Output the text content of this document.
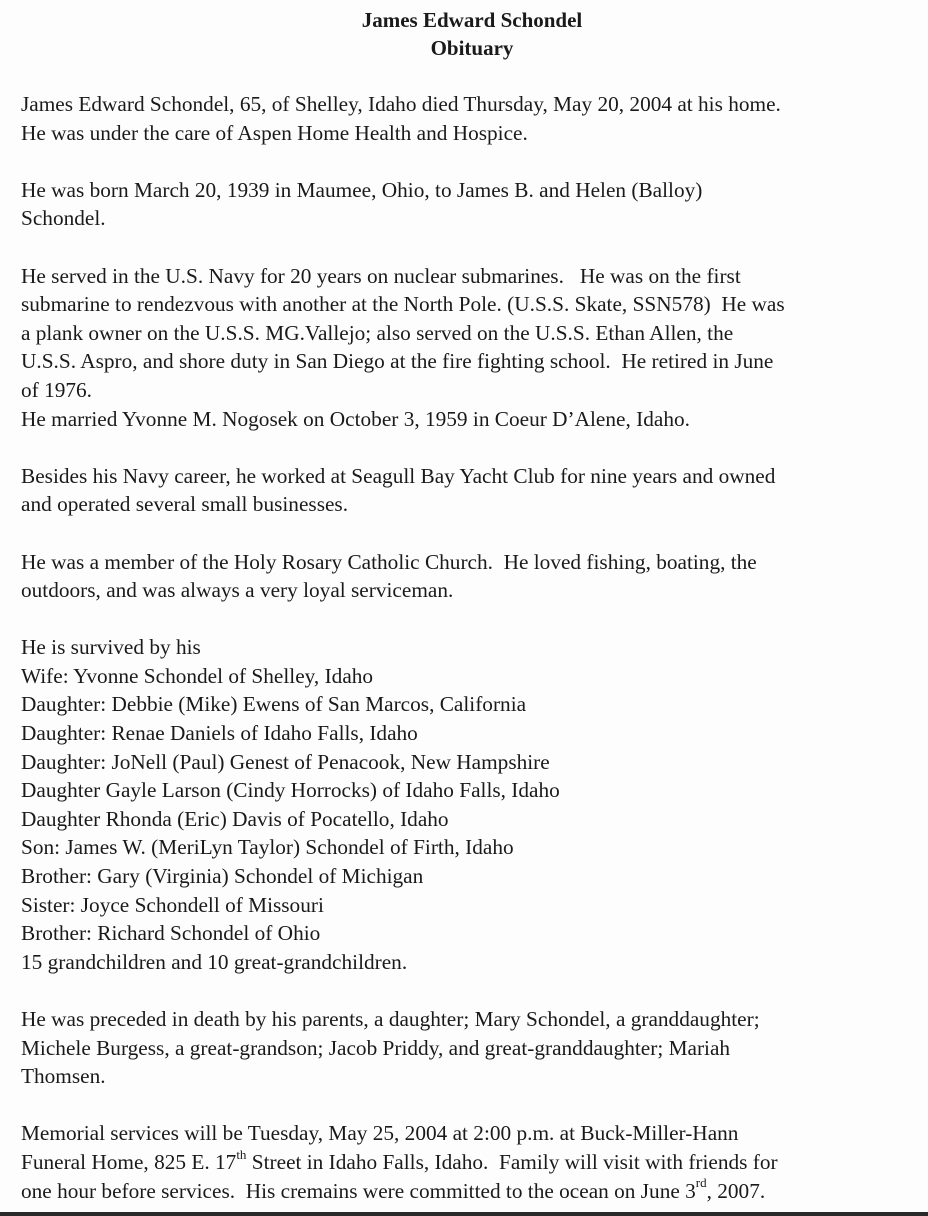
James Edward Schondel
Obituary
James Edward Schondel, 65, of Shelley, Idaho died Thursday, May 20, 2004 at his home.
He was under the care of Aspen Home Health and Hospice.
He was born March 20, 1939 in Maumee, Ohio, to James B. and Helen (Balloy)
Schondel.
He served in the U.S. Navy for 20 years on nuclear submarines.   He was on the first
submarine to rendezvous with another at the North Pole. (U.S.S. Skate, SSN578)  He was
a plank owner on the U.S.S. MG.Vallejo; also served on the U.S.S. Ethan Allen, the
U.S.S. Aspro, and shore duty in San Diego at the fire fighting school.  He retired in June
of 1976.
He married Yvonne M. Nogosek on October 3, 1959 in Coeur D’Alene, Idaho.
Besides his Navy career, he worked at Seagull Bay Yacht Club for nine years and owned
and operated several small businesses.
He was a member of the Holy Rosary Catholic Church.  He loved fishing, boating, the
outdoors, and was always a very loyal serviceman.
He is survived by his
Wife: Yvonne Schondel of Shelley, Idaho
Daughter: Debbie (Mike) Ewens of San Marcos, California
Daughter: Renae Daniels of Idaho Falls, Idaho
Daughter: JoNell (Paul) Genest of Penacook, New Hampshire
Daughter Gayle Larson (Cindy Horrocks) of Idaho Falls, Idaho
Daughter Rhonda (Eric) Davis of Pocatello, Idaho
Son: James W. (MeriLyn Taylor) Schondel of Firth, Idaho
Brother: Gary (Virginia) Schondel of Michigan
Sister: Joyce Schondell of Missouri
Brother: Richard Schondel of Ohio
15 grandchildren and 10 great-grandchildren.
He was preceded in death by his parents, a daughter; Mary Schondel, a granddaughter;
Michele Burgess, a great-grandson; Jacob Priddy, and great-granddaughter; Mariah
Thomsen.
Memorial services will be Tuesday, May 25, 2004 at 2:00 p.m. at Buck-Miller-Hann
Funeral Home, 825 E. 17th Street in Idaho Falls, Idaho.  Family will visit with friends for
one hour before services.  His cremains were committed to the ocean on June 3rd, 2007.
